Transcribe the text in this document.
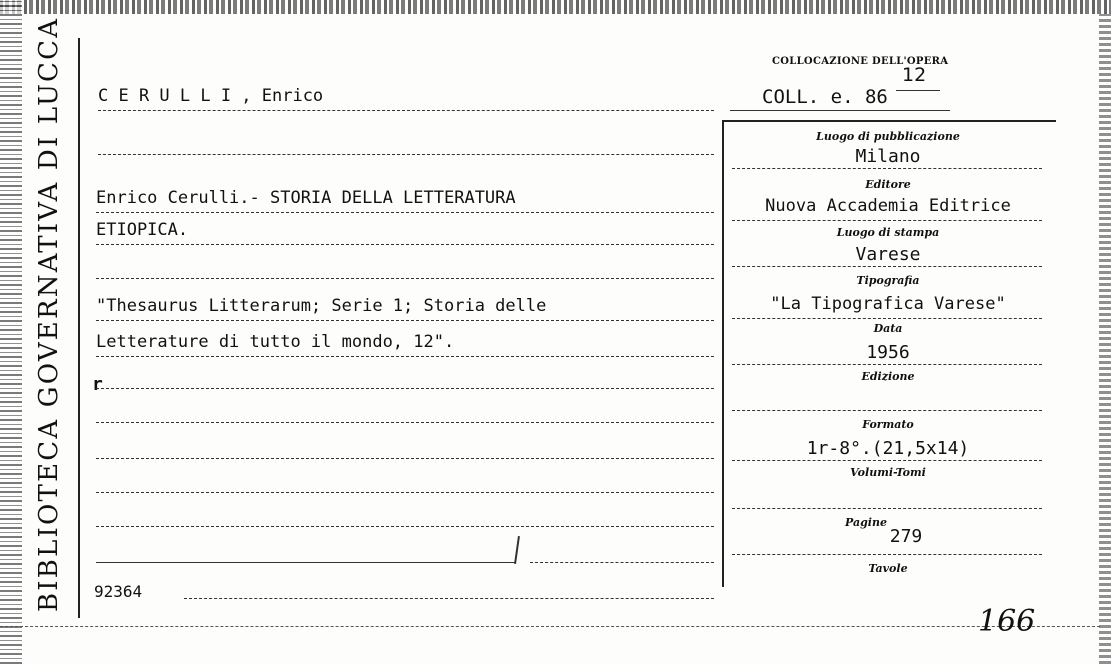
BIBLIOTECA GOVERNATIVA DI LUCCA	COLLOCAZIONE DELL'OPERA
COLL. e. 86
12
C E R U L L I , Enrico
Enrico Cerulli.- STORIA DELLA LETTERATURA
ETIOPICA.
"Thesaurus Litterarum; Serie 1; Storia delle
Letterature di tutto il mondo, 12".
r
92364
Luogo di pubblicazione
Milano
Editore
Nuova Accademia Editrice
Luogo di stampa
Varese
Tipografia
"La Tipografica Varese"
Data
1956
Edizione
Formato
1r-8°.(21,5x14)
Volumi-Tomi
Pagine
279
Tavole
166
